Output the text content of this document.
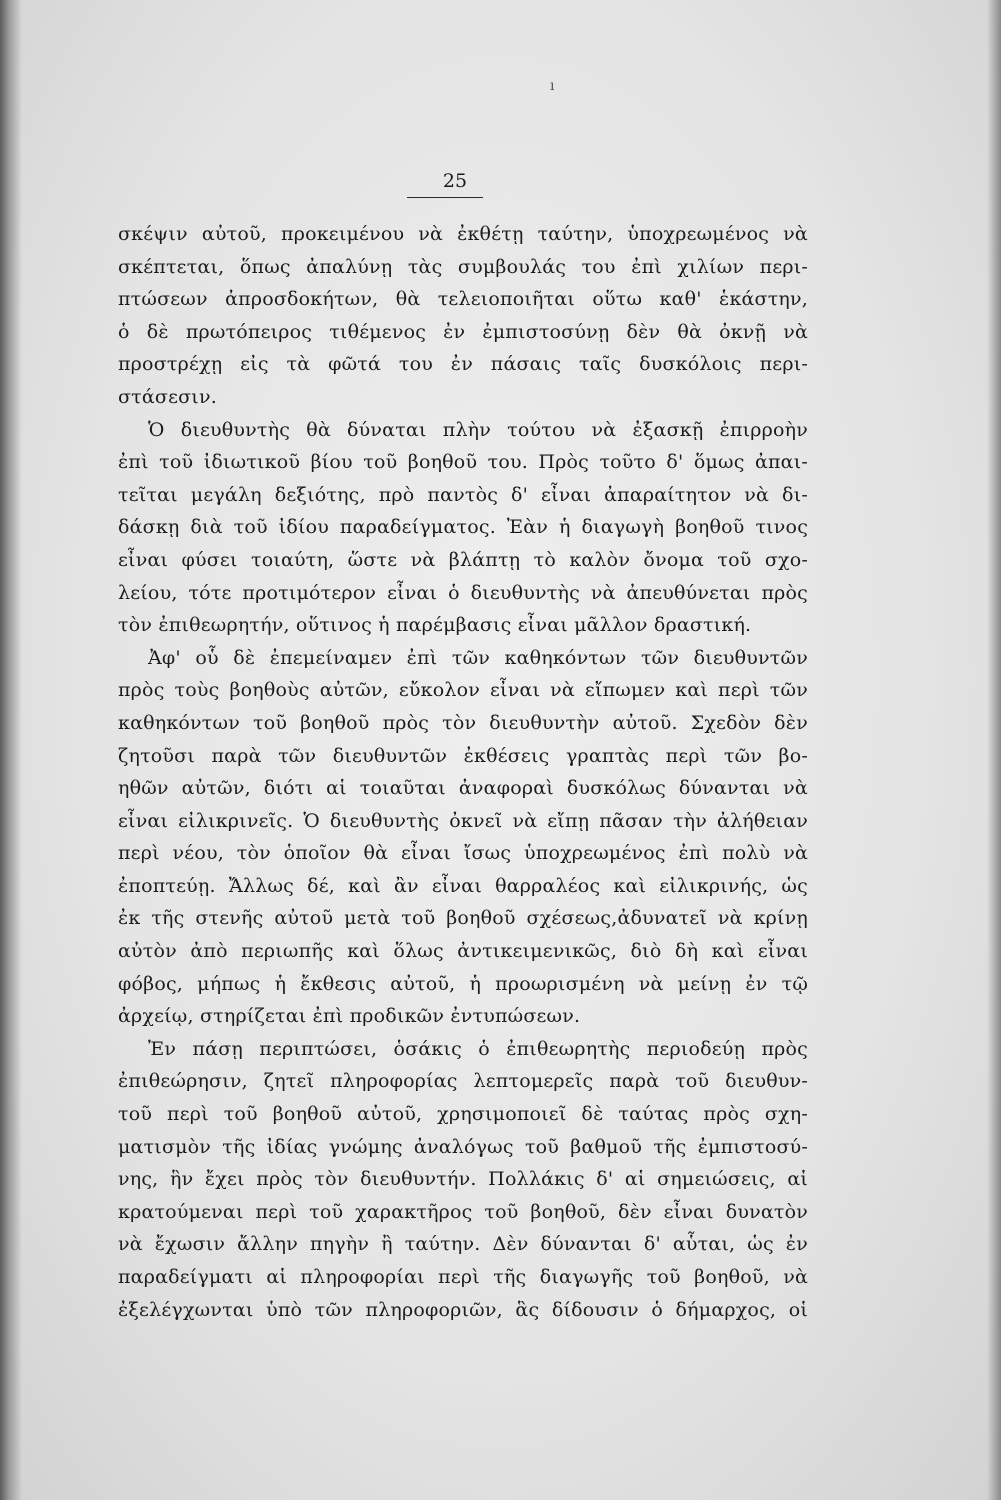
25
σκέψιν αὐτοῦ, προκειμένου νὰ ἐκθέτῃ ταύτην, ὑποχρεωμένος νὰ
σκέπτεται, ὅπως ἀπαλύνῃ τὰς συμβουλάς του ἐπὶ χιλίων περι-
πτώσεων ἀπροσδοκήτων, θὰ τελειοποιῆται οὕτω καθ' ἑκάστην,
ὁ δὲ πρωτόπειρος τιθέμενος ἐν ἐμπιστοσύνῃ δὲν θὰ ὀκνῇ νὰ
προστρέχῃ εἰς τὰ φῶτά του ἐν πάσαις ταῖς δυσκόλοις περι-
στάσεσιν.
Ὁ διευθυντὴς θὰ δύναται πλὴν τούτου νὰ ἐξασκῇ ἐπιρροὴν
ἐπὶ τοῦ ἰδιωτικοῦ βίου τοῦ βοηθοῦ του. Πρὸς τοῦτο δ' ὅμως ἀπαι-
τεῖται μεγάλη δεξιότης, πρὸ παντὸς δ' εἶναι ἀπαραίτητον νὰ δι-
δάσκῃ διὰ τοῦ ἰδίου παραδείγματος. Ἐὰν ἡ διαγωγὴ βοηθοῦ τινος
εἶναι φύσει τοιαύτη, ὥστε νὰ βλάπτῃ τὸ καλὸν ὄνομα τοῦ σχο-
λείου, τότε προτιμότερον εἶναι ὁ διευθυντὴς νὰ ἀπευθύνεται πρὸς
τὸν ἐπιθεωρητήν, οὕτινος ἡ παρέμβασις εἶναι μᾶλλον δραστική.
Ἀφ' οὗ δὲ ἐπεμείναμεν ἐπὶ τῶν καθηκόντων τῶν διευθυντῶν
πρὸς τοὺς βοηθοὺς αὐτῶν, εὔκολον εἶναι νὰ εἴπωμεν καὶ περὶ τῶν
καθηκόντων τοῦ βοηθοῦ πρὸς τὸν διευθυντὴν αὐτοῦ. Σχεδὸν δὲν
ζητοῦσι παρὰ τῶν διευθυντῶν ἐκθέσεις γραπτὰς περὶ τῶν βο-
ηθῶν αὐτῶν, διότι αἱ τοιαῦται ἀναφοραὶ δυσκόλως δύνανται νὰ
εἶναι εἰλικρινεῖς. Ὁ διευθυντὴς ὀκνεῖ νὰ εἴπῃ πᾶσαν τὴν ἀλήθειαν
περὶ νέου, τὸν ὁποῖον θὰ εἶναι ἴσως ὑποχρεωμένος ἐπὶ πολὺ νὰ
ἐποπτεύῃ. Ἄλλως δέ, καὶ ἂν εἶναι θαρραλέος καὶ εἰλικρινής, ὡς
ἐκ τῆς στενῆς αὐτοῦ μετὰ τοῦ βοηθοῦ σχέσεως,ἀδυνατεῖ νὰ κρίνῃ
αὐτὸν ἀπὸ περιωπῆς καὶ ὅλως ἀντικειμενικῶς, διὸ δὴ καὶ εἶναι
φόβος, μήπως ἡ ἔκθεσις αὐτοῦ, ἡ προωρισμένη νὰ μείνῃ ἐν τῷ
ἀρχείῳ, στηρίζεται ἐπὶ προδικῶν ἐντυπώσεων.
Ἐν πάσῃ περιπτώσει, ὁσάκις ὁ ἐπιθεωρητὴς περιοδεύῃ πρὸς
ἐπιθεώρησιν, ζητεῖ πληροφορίας λεπτομερεῖς παρὰ τοῦ διευθυν-
τοῦ περὶ τοῦ βοηθοῦ αὐτοῦ, χρησιμοποιεῖ δὲ ταύτας πρὸς σχη-
ματισμὸν τῆς ἰδίας γνώμης ἀναλόγως τοῦ βαθμοῦ τῆς ἐμπιστοσύ-
νης, ἣν ἔχει πρὸς τὸν διευθυντήν. Πολλάκις δ' αἱ σημειώσεις, αἱ
κρατούμεναι περὶ τοῦ χαρακτῆρος τοῦ βοηθοῦ, δὲν εἶναι δυνατὸν
νὰ ἔχωσιν ἄλλην πηγὴν ἢ ταύτην. Δὲν δύνανται δ' αὗται, ὡς ἐν
παραδείγματι αἱ πληροφορίαι περὶ τῆς διαγωγῆς τοῦ βοηθοῦ, νὰ
ἐξελέγχωνται ὑπὸ τῶν πληροφοριῶν, ἃς δίδουσιν ὁ δήμαρχος, οἱ
ı
